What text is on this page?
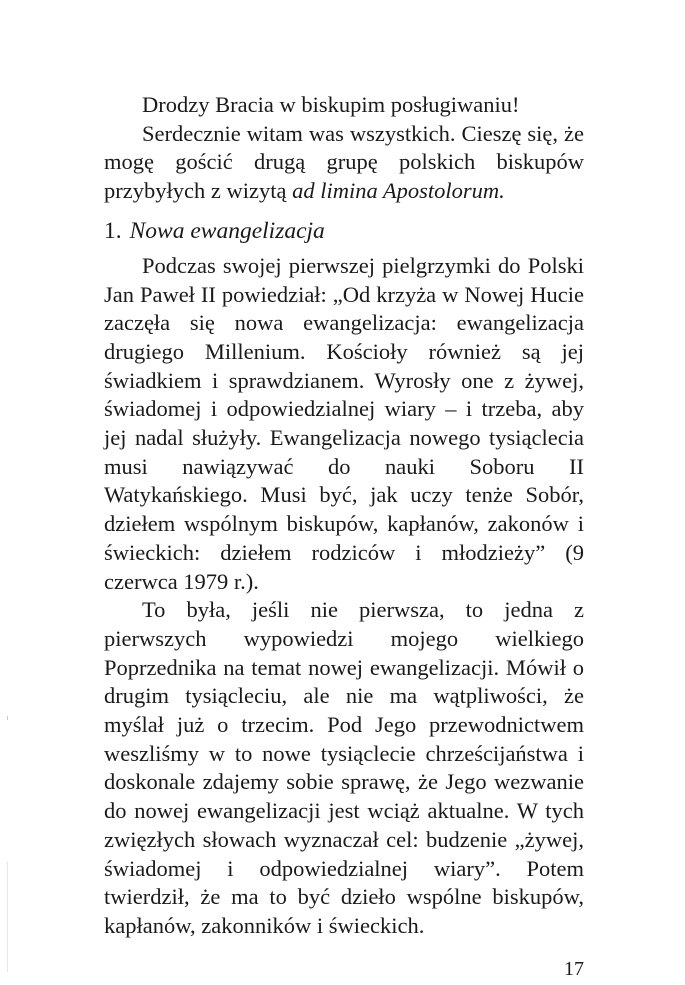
Drodzy Bracia w biskupim posługiwaniu!

Serdecznie witam was wszystkich. Cieszę się, że mogę gościć drugą grupę polskich biskupów przybyłych z wizytą ad limina Apostolorum.

1. Nowa ewangelizacja

Podczas swojej pierwszej pielgrzymki do Polski Jan Paweł II powiedział: „Od krzyża w Nowej Hucie zaczęła się nowa ewangelizacja: ewangelizacja drugiego Millenium. Kościoły również są jej świadkiem i sprawdzianem. Wyrosły one z żywej, świadomej i odpowiedzialnej wiary – i trzeba, aby jej nadal służyły. Ewangelizacja nowego tysiąclecia musi nawiązywać do nauki Soboru II Watykańskiego. Musi być, jak uczy tenże Sobór, dziełem wspólnym biskupów, kapłanów, zakonów i świeckich: dziełem rodziców i młodzieży” (9 czerwca 1979 r.).

To była, jeśli nie pierwsza, to jedna z pierwszych wypowiedzi mojego wielkiego Poprzednika na temat nowej ewangelizacji. Mówił o drugim tysiącleciu, ale nie ma wątpliwości, że myślał już o trzecim. Pod Jego przewodnictwem weszliśmy w to nowe tysiąclecie chrześcijaństwa i doskonale zdajemy sobie sprawę, że Jego wezwanie do nowej ewangelizacji jest wciąż aktualne. W tych zwięzłych słowach wyznaczał cel: budzenie „żywej, świadomej i odpowiedzialnej wiary”. Potem twierdził, że ma to być dzieło wspólne biskupów, kapłanów, zakonników i świeckich.

17
